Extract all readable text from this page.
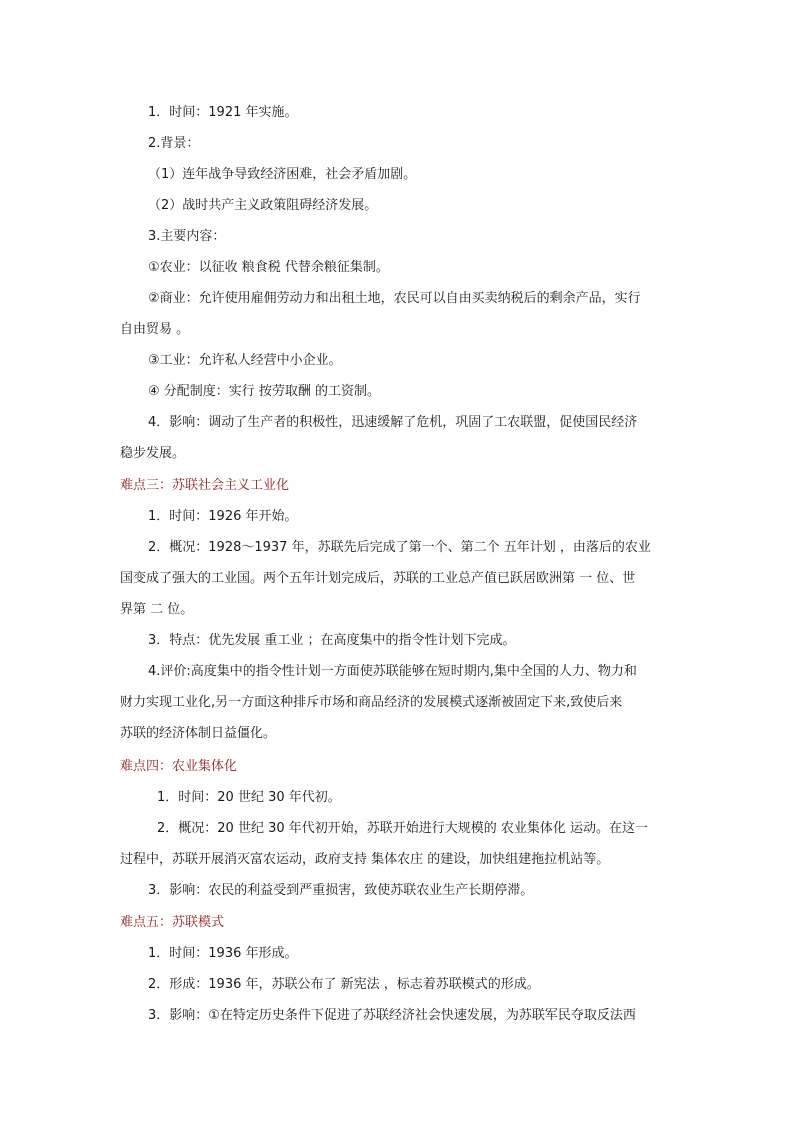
1．时间：1921 年实施。
2.背景：
（1）连年战争导致经济困难，社会矛盾加剧。
（2）战时共产主义政策阻碍经济发展。
3.主要内容：
①农业：以征收 粮食税 代替余粮征集制。
②商业：允许使用雇佣劳动力和出租土地，农民可以自由买卖纳税后的剩余产品，实行
自由贸易 。
③工业：允许私人经营中小企业。
④ 分配制度：实行 按劳取酬 的工资制。
4．影响：调动了生产者的积极性，迅速缓解了危机，巩固了工农联盟，促使国民经济
稳步发展。
难点三：苏联社会主义工业化
1．时间：1926 年开始。
2．概况：1928～1937 年，苏联先后完成了第一个、第二个 五年计划 ，由落后的农业
国变成了强大的工业国。两个五年计划完成后，苏联的工业总产值已跃居欧洲第 一 位、世
界第 二 位。
3．特点：优先发展 重工业 ；在高度集中的指令性计划下完成。
4.评价:高度集中的指令性计划一方面使苏联能够在短时期内,集中全国的人力、物力和
财力实现工业化,另一方面这种排斥市场和商品经济的发展模式逐渐被固定下来,致使后来
苏联的经济体制日益僵化。
难点四：农业集体化
1．时间：20 世纪 30 年代初。
2．概况：20 世纪 30 年代初开始，苏联开始进行大规模的 农业集体化 运动。在这一
过程中，苏联开展消灭富农运动，政府支持 集体农庄 的建设，加快组建拖拉机站等。
3．影响：农民的利益受到严重损害，致使苏联农业生产长期停滞。
难点五：苏联模式
1．时间：1936 年形成。
2．形成：1936 年，苏联公布了 新宪法 ，标志着苏联模式的形成。
3．影响：①在特定历史条件下促进了苏联经济社会快速发展，为苏联军民夺取反法西
